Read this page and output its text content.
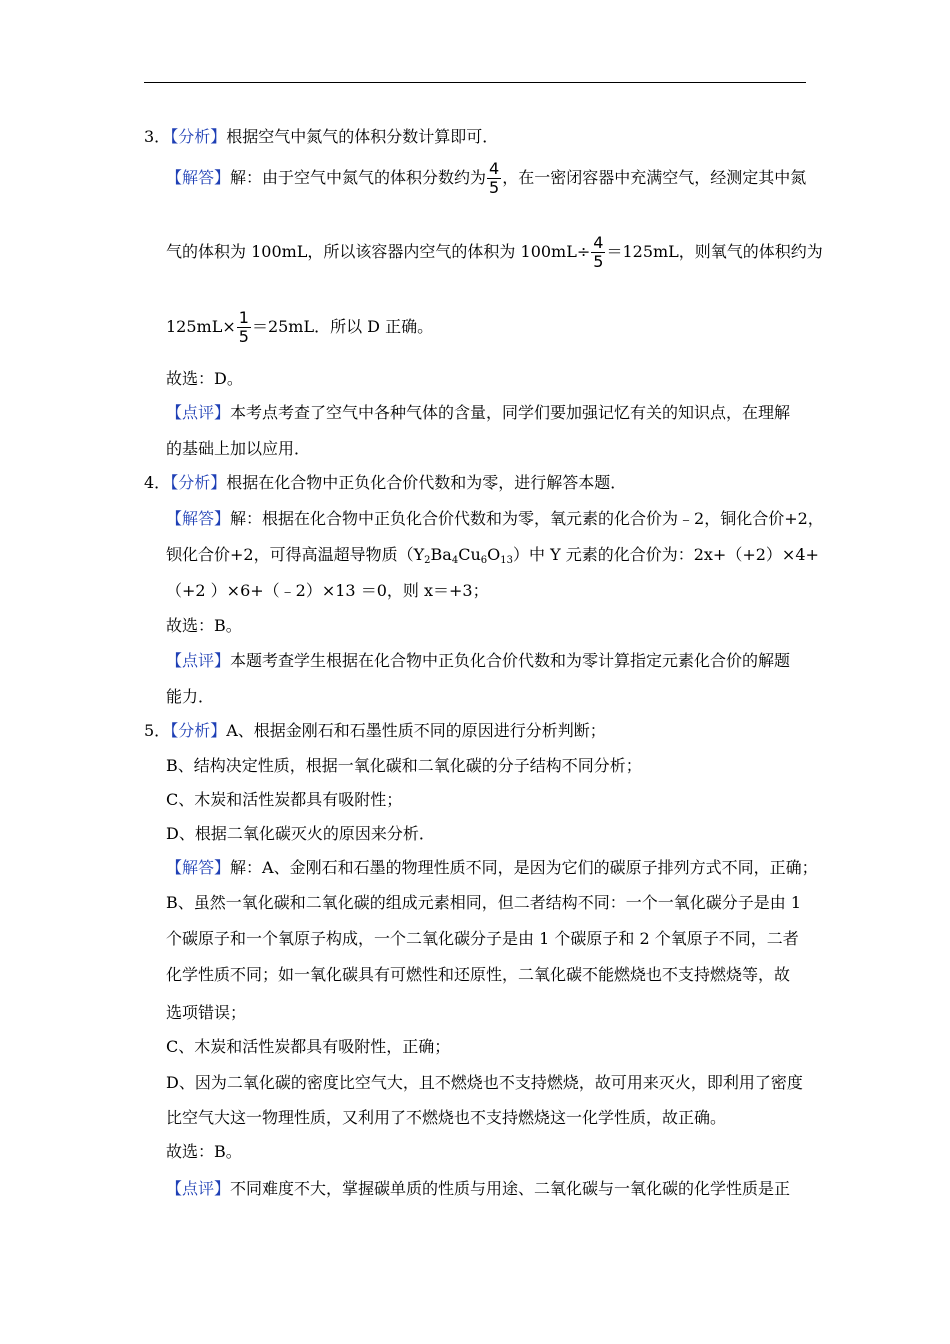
3．【分析】根据空气中氮气的体积分数计算即可．
【解答】解：由于空气中氮气的体积分数约为 $\frac{4}{5}$ ，在一密闭容器中充满空气，经测定其中氮
气的体积为 100mL，所以该容器内空气的体积为 $100mL\div \frac{4}{5} =125mL$，则氧气的体积约为
$125mL\times \frac{1}{5} =25mL$．所以 D 正确。
故选：D。
【点评】本考点考查了空气中各种气体的含量，同学们要加强记忆有关的知识点，在理解
的基础上加以应用．
4．【分析】根据在化合物中正负化合价代数和为零，进行解答本题．
【解答】解：根据在化合物中正负化合价代数和为零，氧元素的化合价为﹣2，铜化合价+2，
钡化合价+2，可得高温超导物质$(Y_2Ba_4Cu_6O_{13})$中 Y 元素的化合价为：2x+（+2）×4+
（+2 ）×6+（﹣2）×13 ＝0，则 x＝+3；
故选：B。
【点评】本题考查学生根据在化合物中正负化合价代数和为零计算指定元素化合价的解题
能力．
5．【分析】A、根据金刚石和石墨性质不同的原因进行分析判断；
B、结构决定性质，根据一氧化碳和二氧化碳的分子结构不同分析；
C、木炭和活性炭都具有吸附性；
D、根据二氧化碳灭火的原因来分析．
【解答】解：A、金刚石和石墨的物理性质不同，是因为它们的碳原子排列方式不同，正确；
B、虽然一氧化碳和二氧化碳的组成元素相同，但二者结构不同：一个一氧化碳分子是由 1
个碳原子和一个氧原子构成，一个二氧化碳分子是由 1 个碳原子和 2 个氧原子不同，二者
化学性质不同；如一氧化碳具有可燃性和还原性，二氧化碳不能燃烧也不支持燃烧等，故
选项错误；
C、木炭和活性炭都具有吸附性，正确；
D、因为二氧化碳的密度比空气大，且不燃烧也不支持燃烧，故可用来灭火，即利用了密度
比空气大这一物理性质，又利用了不燃烧也不支持燃烧这一化学性质，故正确。
故选：B。
【点评】不同难度不大，掌握碳单质的性质与用途、二氧化碳与一氧化碳的化学性质是正
